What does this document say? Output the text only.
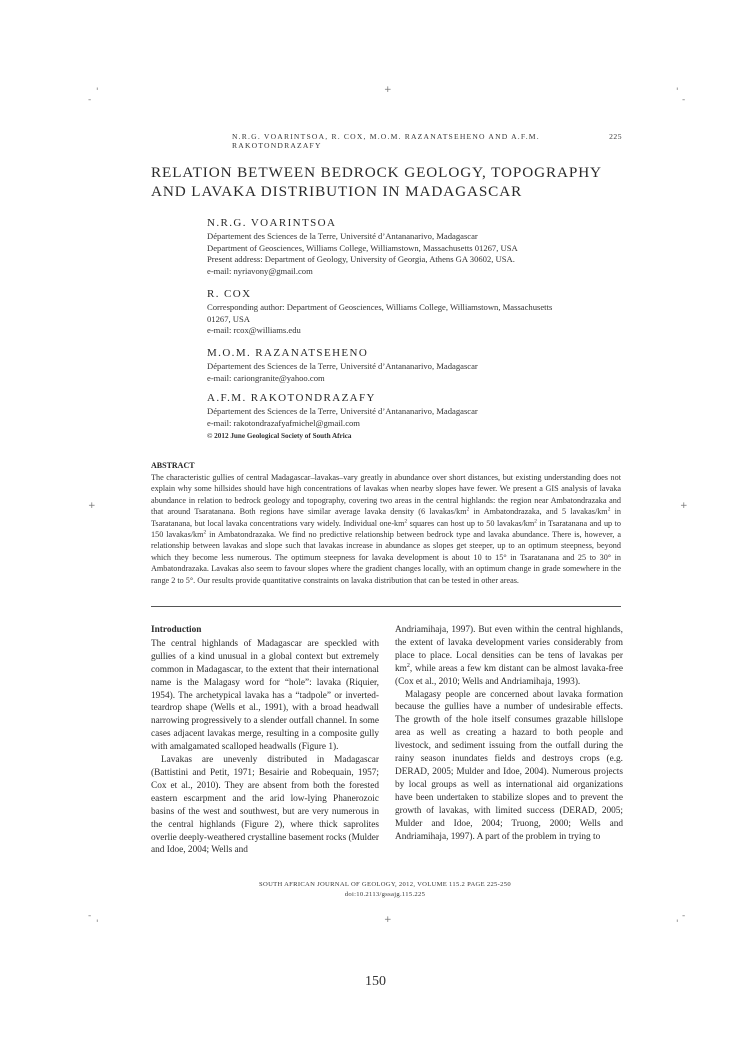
'
-
+	'
-
+	+
-
'	+	-
'
N.R.G. VOARINTSOA, R. COX, M.O.M. RAZANATSEHENO AND A.F.M. RAKOTONDRAZAFY
225
RELATION BETWEEN BEDROCK GEOLOGY, TOPOGRAPHY
AND LAVAKA DISTRIBUTION IN MADAGASCAR
N.R.G. VOARINTSOA
Département des Sciences de la Terre, Université d’Antananarivo, Madagascar
Department of Geosciences, Williams College, Williamstown, Massachusetts 01267, USA
Present address: Department of Geology, University of Georgia, Athens GA 30602, USA.
e-mail: nyriavony@gmail.com
R. COX
Corresponding author: Department of Geosciences, Williams College, Williamstown, Massachusetts
01267, USA
e-mail: rcox@williams.edu
M.O.M. RAZANATSEHENO
Département des Sciences de la Terre, Université d’Antananarivo, Madagascar
e-mail: cariongranite@yahoo.com
A.F.M. RAKOTONDRAZAFY
Département des Sciences de la Terre, Université d’Antananarivo, Madagascar
e-mail: rakotondrazafyafmichel@gmail.com
© 2012 June Geological Society of South Africa
ABSTRACT

The characteristic gullies of central Madagascar–lavakas–vary greatly in abundance over short distances, but existing understanding does not explain why some hillsides should have high concentrations of lavakas when nearby slopes have fewer. We present a GIS analysis of lavaka abundance in relation to bedrock geology and topography, covering two areas in the central highlands: the region near Ambatondrazaka and that around Tsaratanana. Both regions have similar average lavaka density (6 lavakas/$km^2$ in Ambatondrazaka, and 5 lavakas/$km^2$ in Tsaratanana, but local lavaka concentrations vary widely. Individual one-$km^2$ squares can host up to 50 lavakas/$km^2$ in Tsaratanana and up to 150 lavakas/$km^2$ in Ambatondrazaka. We find no predictive relationship between bedrock type and lavaka abundance. There is, however, a relationship between lavakas and slope such that lavakas increase in abundance as slopes get steeper, up to an optimum steepness, beyond which they become less numerous. The optimum steepness for lavaka development is about 10 to 15° in Tsaratanana and 25 to 30° in Ambatondrazaka. Lavakas also seem to favour slopes where the gradient changes locally, with an optimum change in grade somewhere in the range 2 to 5°. Our results provide quantitative constraints on lavaka distribution that can be tested in other areas.

Introduction

The central highlands of Madagascar are speckled with gullies of a kind unusual in a global context but extremely common in Madagascar, to the extent that their international name is the Malagasy word for “hole”: lavaka (Riquier, 1954). The archetypical lavaka has a “tadpole” or inverted-teardrop shape (Wells et al., 1991), with a broad headwall narrowing progressively to a slender outfall channel. In some cases adjacent lavakas merge, resulting in a composite gully with amalgamated scalloped headwalls (Figure 1).

Lavakas are unevenly distributed in Madagascar (Battistini and Petit, 1971; Besairie and Robequain, 1957; Cox et al., 2010). They are absent from both the forested eastern escarpment and the arid low-lying Phanerozoic basins of the west and southwest, but are very numerous in the central highlands (Figure 2), where thick saprolites overlie deeply-weathered crystalline basement rocks (Mulder and Idoe, 2004; Wells and

Andriamihaja, 1997). But even within the central highlands, the extent of lavaka development varies considerably from place to place. Local densities can be tens of lavakas per $km^2$, while areas a few km distant can be almost lavaka-free (Cox et al., 2010; Wells and Andriamihaja, 1993).

Malagasy people are concerned about lavaka formation because the gullies have a number of undesirable effects. The growth of the hole itself consumes grazable hillslope area as well as creating a hazard to both people and livestock, and sediment issuing from the outfall during the rainy season inundates fields and destroys crops (e.g. DERAD, 2005; Mulder and Idoe, 2004). Numerous projects by local groups as well as international aid organizations have been undertaken to stabilize slopes and to prevent the growth of lavakas, with limited success (DERAD, 2005; Mulder and Idoe, 2004; Truong, 2000; Wells and Andriamihaja, 1997). A part of the problem in trying to

SOUTH AFRICAN JOURNAL OF GEOLOGY, 2012, VOLUME 115.2 PAGE 225-250
doi:10.2113/gssajg.115.225
150
